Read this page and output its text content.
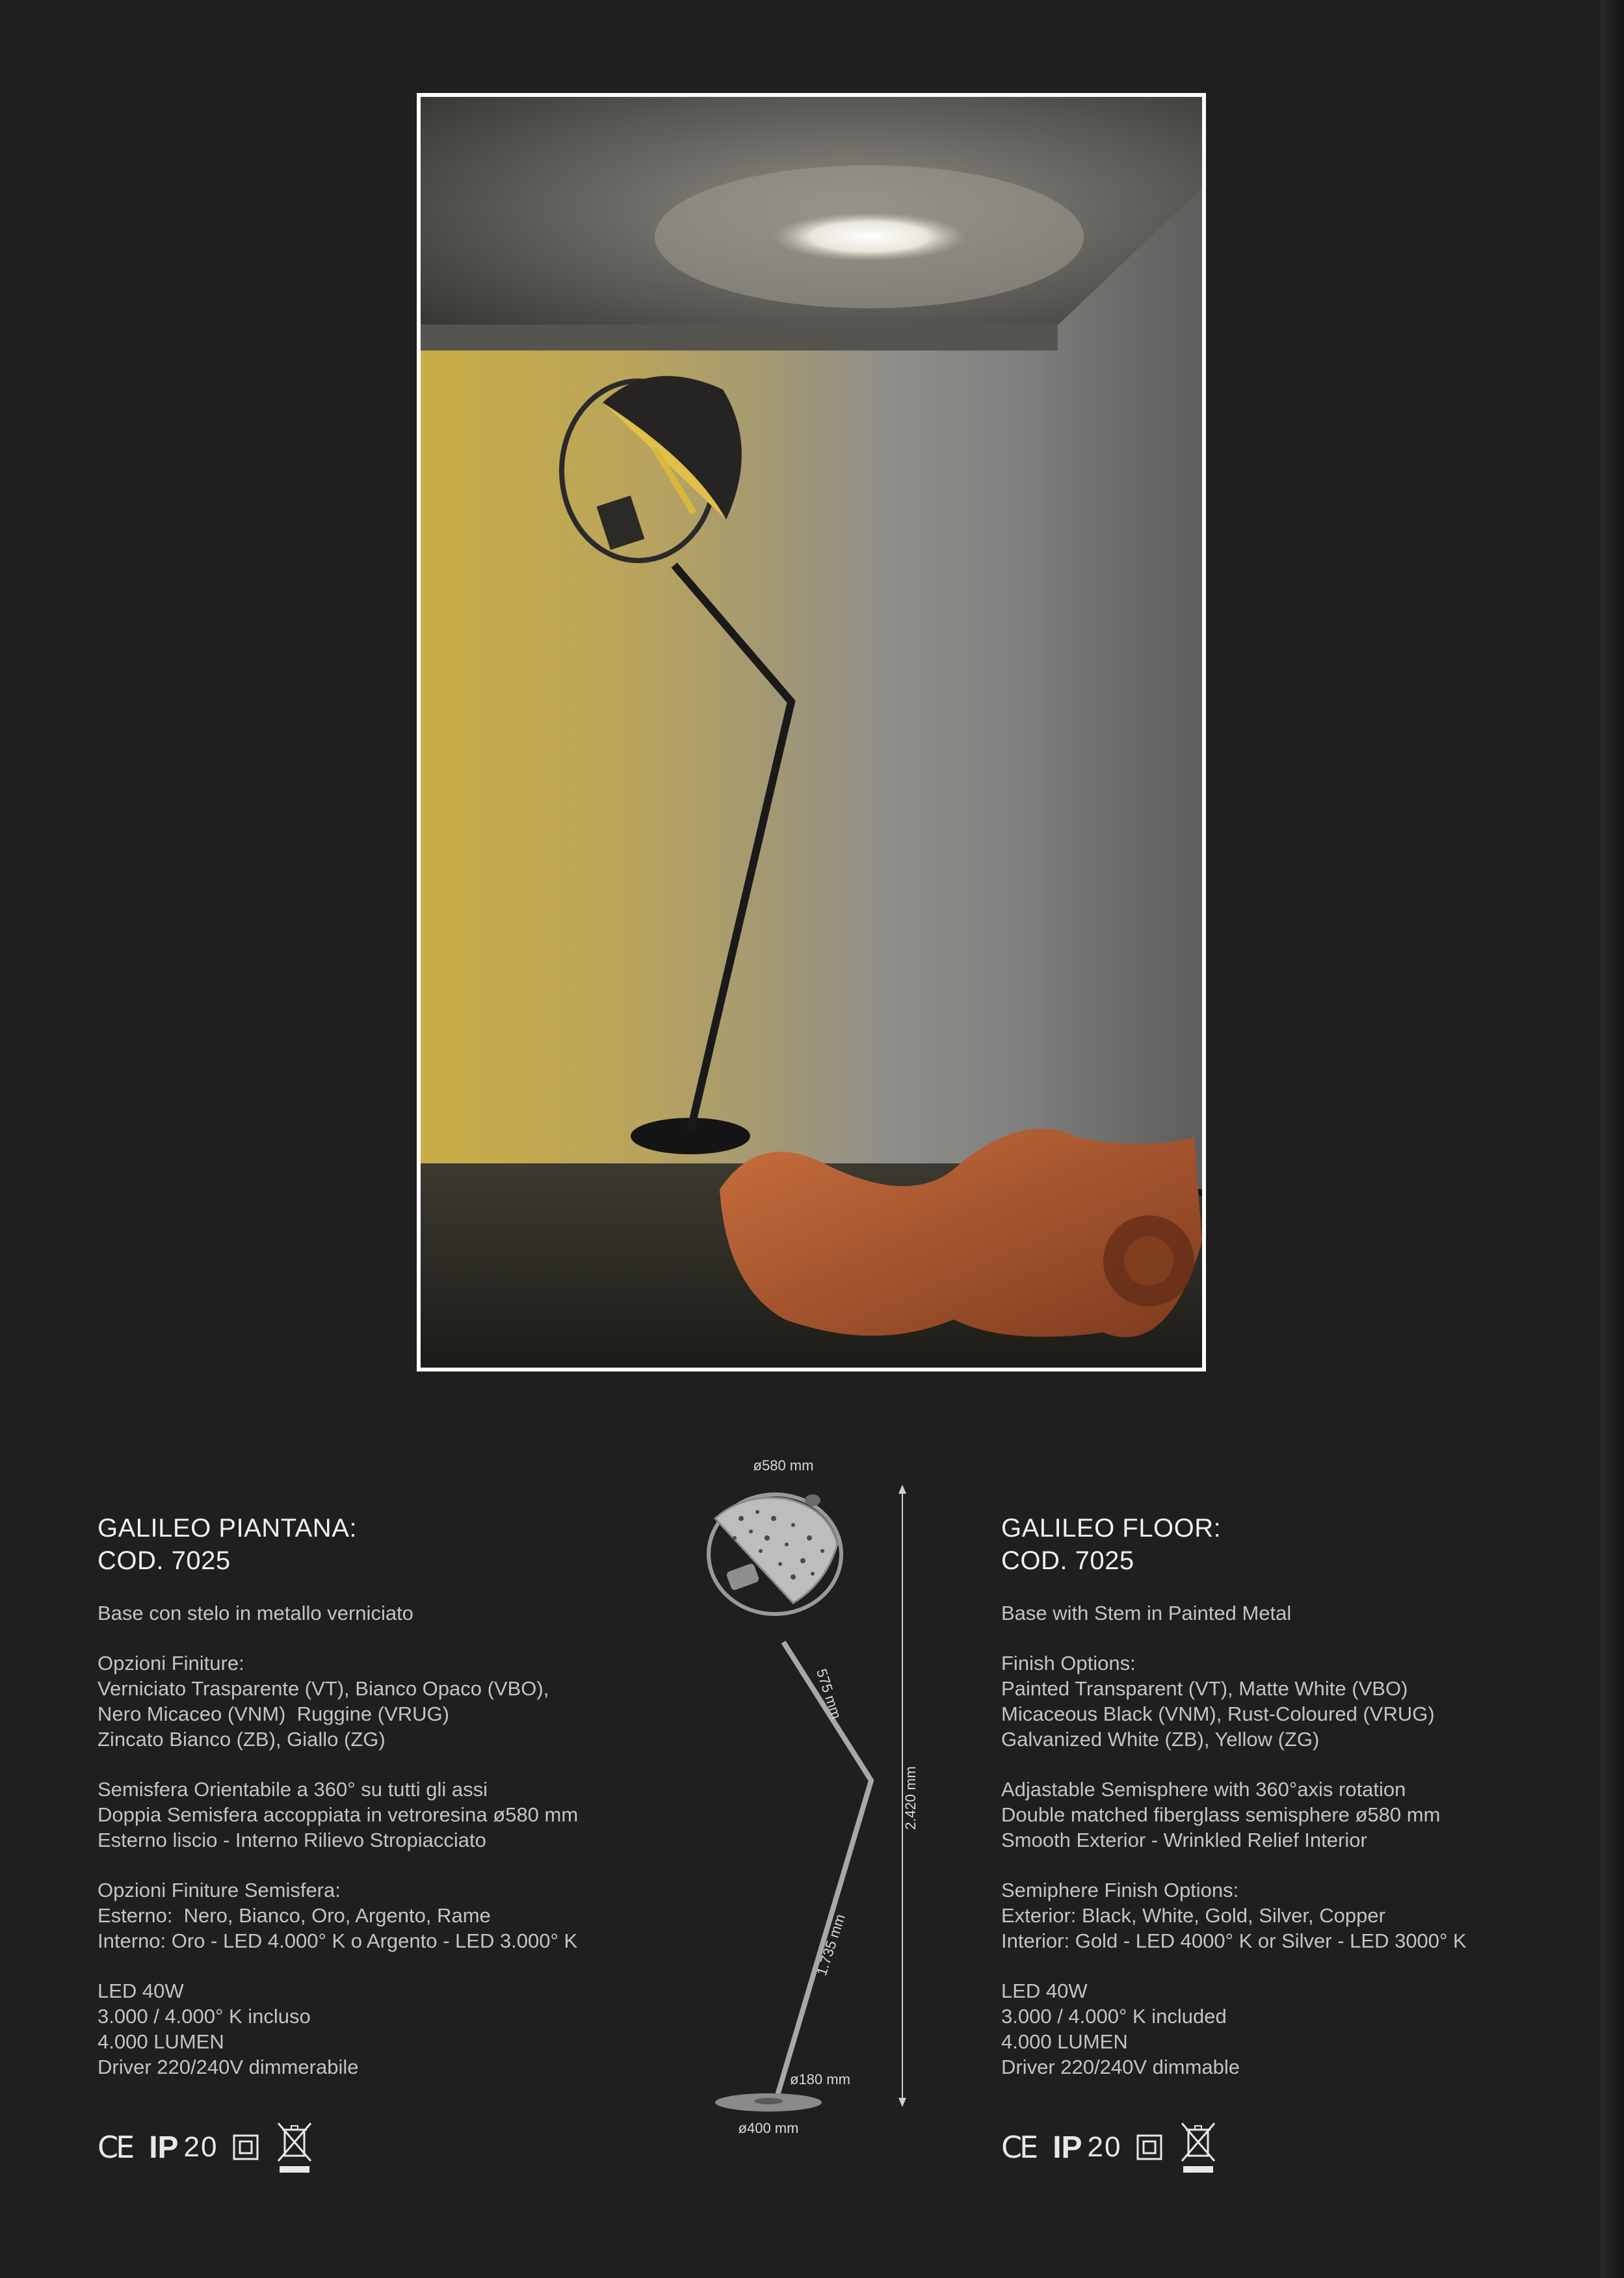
GALILEO PIANTANA:
COD. 7025
Base con stelo in metallo verniciato
Opzioni Finiture:
Verniciato Trasparente (VT), Bianco Opaco (VBO),
Nero Micaceo (VNM)  Ruggine (VRUG)
Zincato Bianco (ZB), Giallo (ZG)
Semisfera Orientabile a 360° su tutti gli assi
Doppia Semisfera accoppiata in vetroresina ø580 mm
Esterno liscio - Interno Rilievo Stropiacciato
Opzioni Finiture Semisfera:
Esterno:  Nero, Bianco, Oro, Argento, Rame
Interno: Oro - LED 4.000° K o Argento - LED 3.000° K
LED 40W
3.000 / 4.000° K incluso
4.000 LUMEN
Driver 220/240V dimmerabile
GALILEO FLOOR:
COD. 7025
Base with Stem in Painted Metal
Finish Options:
Painted Transparent (VT), Matte White (VBO)
Micaceous Black (VNM), Rust-Coloured (VRUG)
Galvanized White (ZB), Yellow (ZG)
Adjastable Semisphere with 360°axis rotation
Double matched fiberglass semisphere ø580 mm
Smooth Exterior - Wrinkled Relief Interior
Semiphere Finish Options:
Exterior: Black, White, Gold, Silver, Copper
Interior: Gold - LED 4000° K or Silver - LED 3000° K
LED 40W
3.000 / 4.000° K included
4.000 LUMEN
Driver 220/240V dimmable
CE IP 20	CE IP 20
ø580 mm
575 mm
2.420 mm
1.735 mm
ø180 mm
ø400 mm
